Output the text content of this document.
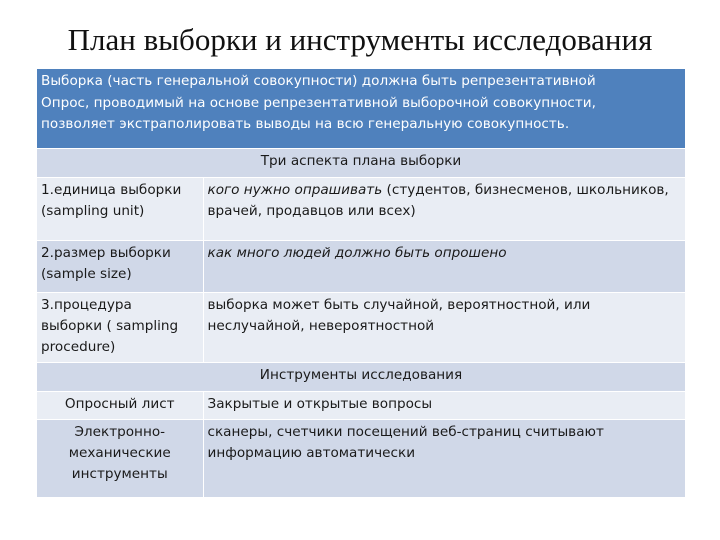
План выборки и инструменты исследования
Выборка (часть генеральной совокупности) должна быть репрезентативной
Опрос, проводимый на основе репрезентативной выборочной совокупности,
позволяет экстраполировать выводы на всю генеральную совокупность.	

Три аспекта плана выборки	

1.единица выборки
(sampling unit)	кого нужно опрашивать (студентов, бизнесменов, школьников, врачей, продавцов или всех)

2.размер выборки
(sample size)	как много людей должно быть опрошено

3.процедура
выборки ( sampling
procedure)	выборка может быть случайной, вероятностной, или неслучайной, невероятностной
Инструменты исследования	

Опросный лист	Закрытые и открытые вопросы

Электронно-
механические
инструменты	сканеры, счетчики посещений веб-страниц считывают информацию автоматически
